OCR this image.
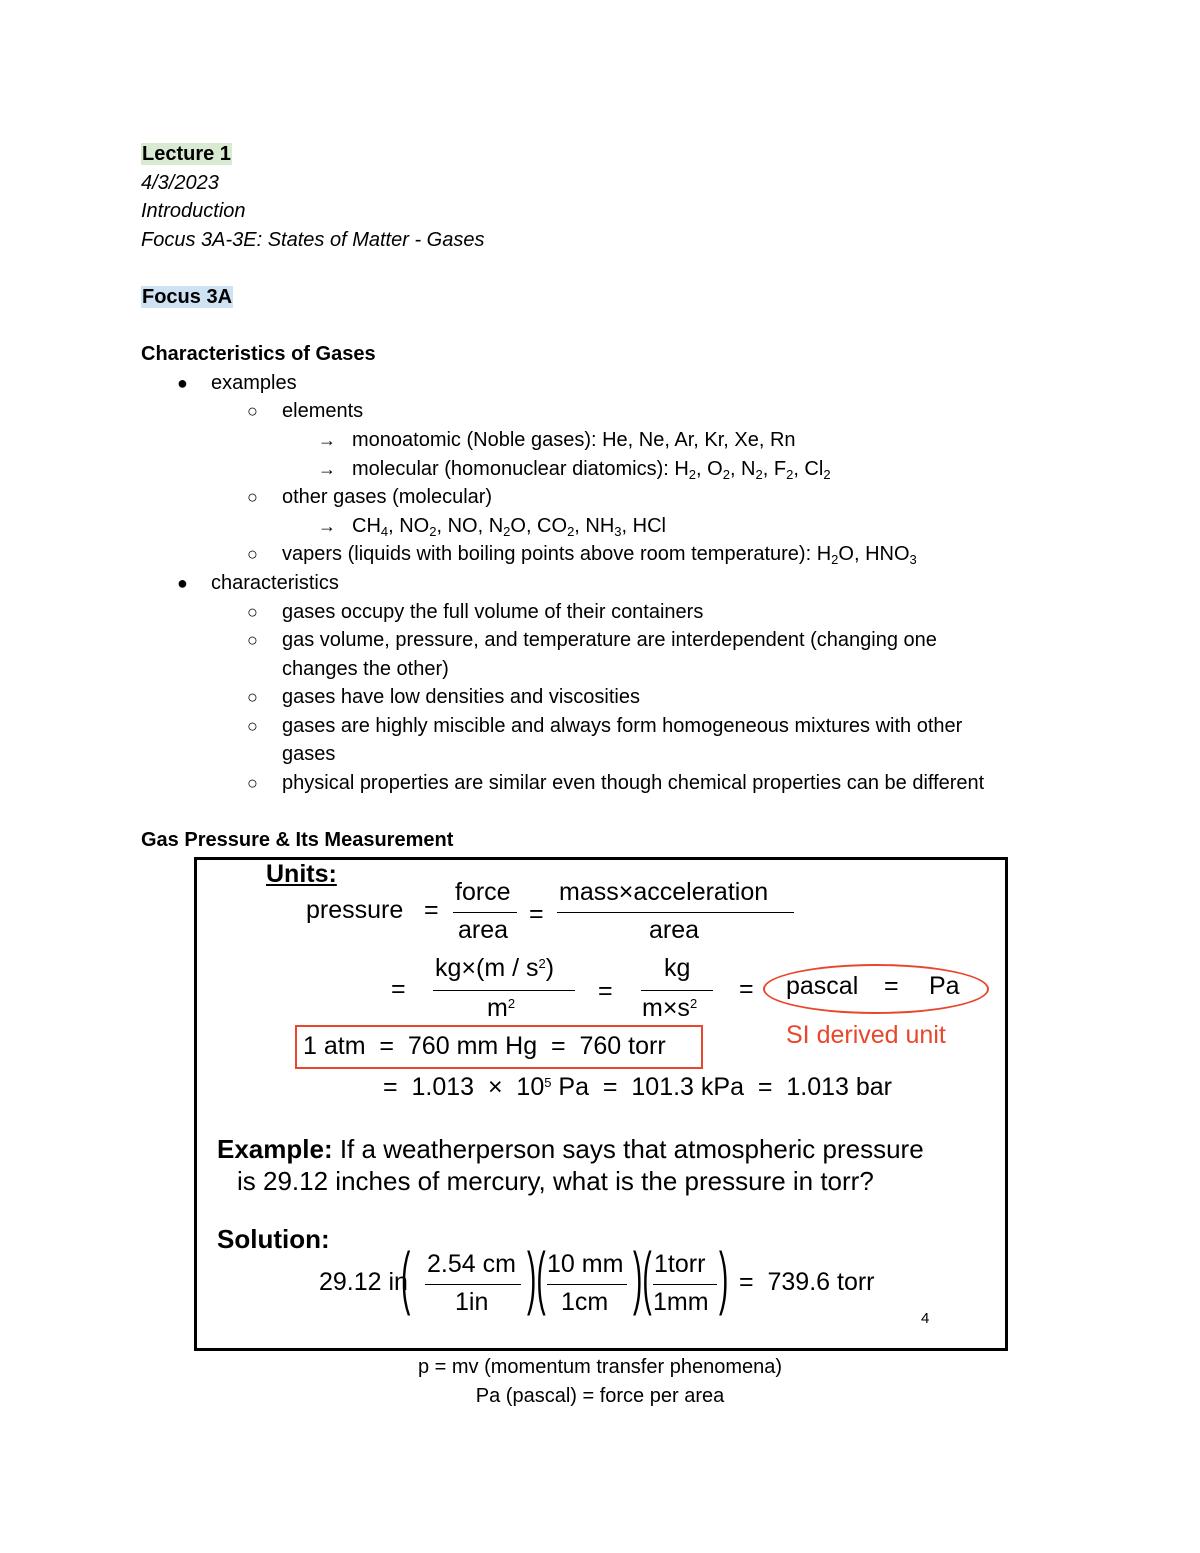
Lecture 1
4/3/2023
Introduction
Focus 3A-3E: States of Matter - Gases
Focus 3A
Characteristics of Gases
● examples
○ elements
→ monoatomic (Noble gases): He, Ne, Ar, Kr, Xe, Rn
→ molecular (homonuclear diatomics): $H_2$, $O_2$, $N_2$, $F_2$, $Cl_2$
○ other gases (molecular)
→ $CH_4$, $NO_2$, NO, $N_2O$, $CO_2$, $NH_3$, HCl
○ vapers (liquids with boiling points above room temperature): $H_2O$, $HNO_3$
● characteristics
○ gases occupy the full volume of their containers
○ gas volume, pressure, and temperature are interdependent (changing one
changes the other)
○ gases have low densities and viscosities
○ gases are highly miscible and always form homogeneous mixtures with other
gases
○ physical properties are similar even though chemical properties can be different
Gas Pressure & Its Measurement
Units:
pressure =
force
area
=
mass×acceleration
area
=
$kg\times(m / s^2)$
$m^2$	=
kg
$m\times s^2$
= pascal = Pa
SI derived unit
1 atm  =  760 mm Hg  =  760 torr
=  $1.013 \times 10^5$ Pa  =  101.3 kPa  =  1.013 bar
Example: If a weatherperson says that atmospheric pressure
is 29.12 inches of mercury, what is the pressure in torr?
Solution:
29.12 in
( 2.54 cm
1in )( 10 mm
1cm )( 1torr
1mm ) =  739.6 torr
4
p = mv (momentum transfer phenomena)
Pa (pascal) = force per area
